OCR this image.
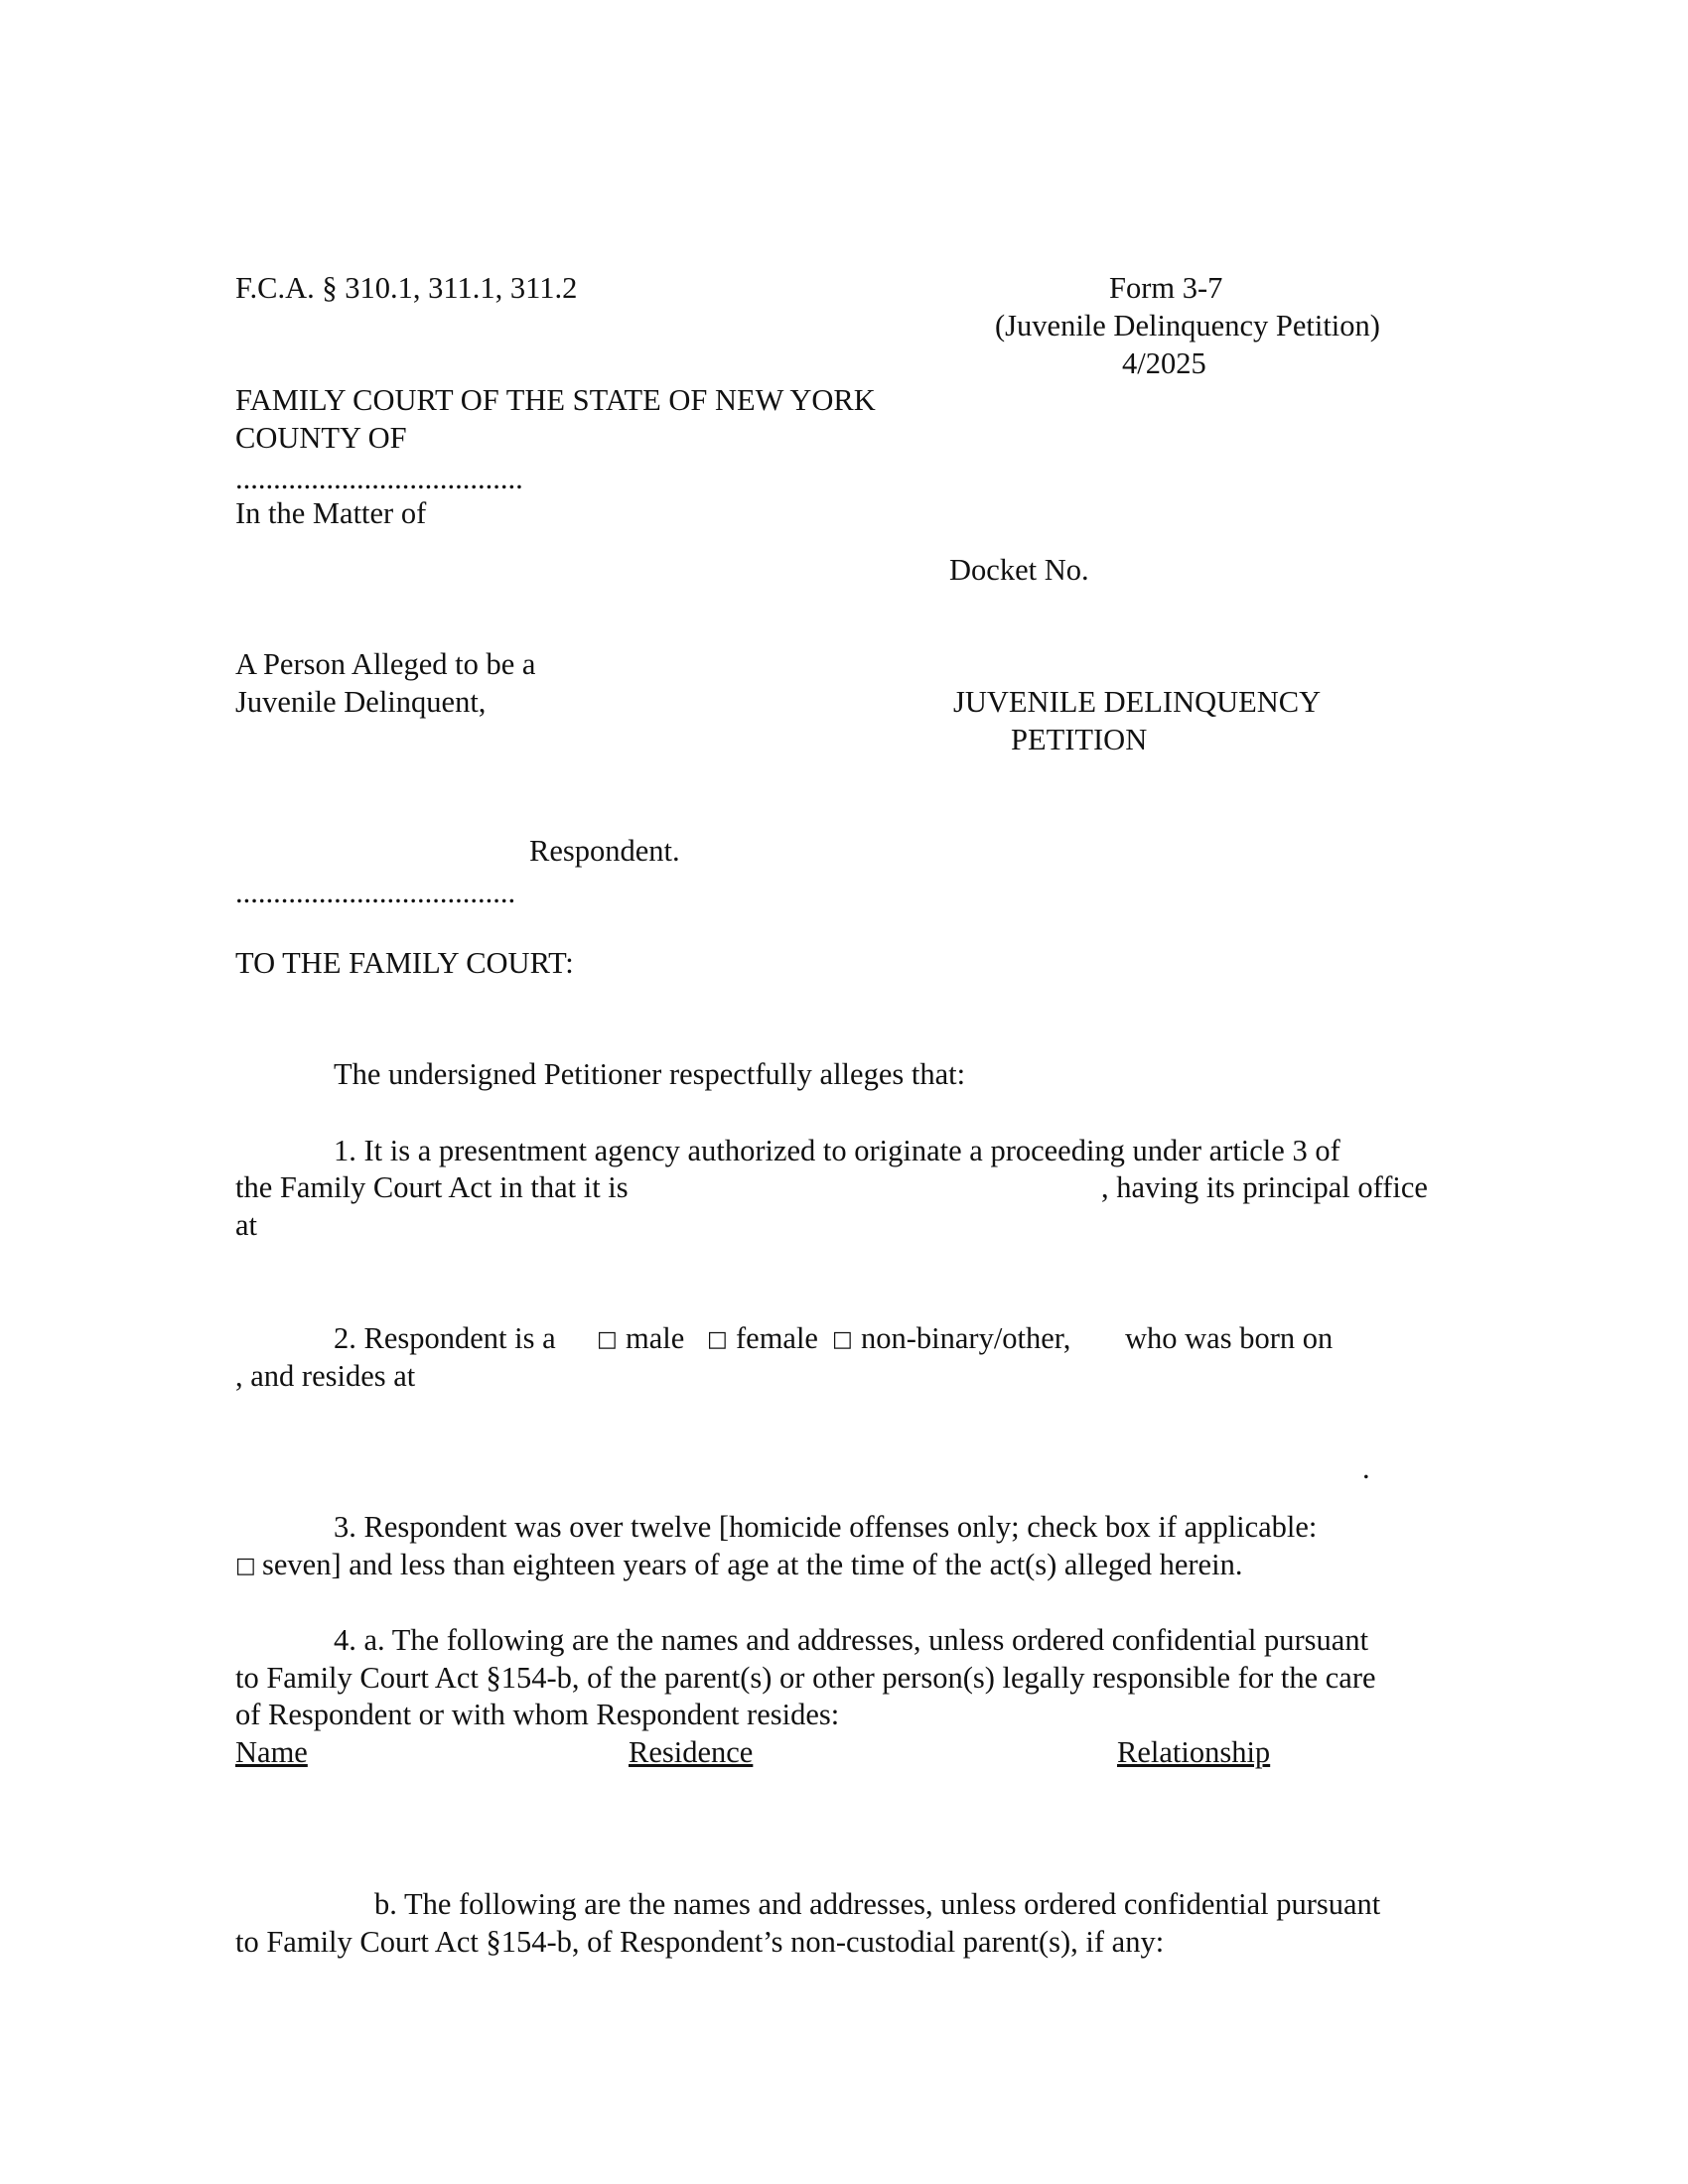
F.C.A. § 310.1, 311.1, 311.2	Form 3-7

(Juvenile Delinquency Petition)

4/2025

FAMILY COURT OF THE STATE OF NEW YORK

COUNTY OF

......................................

In the Matter of

Docket No.

A Person Alleged to be a

Juvenile Delinquent,	JUVENILE DELINQUENCY

PETITION

Respondent.

.....................................

TO THE FAMILY COURT:

The undersigned Petitioner respectfully alleges that:

1. It is a presentment agency authorized to originate a proceeding under article 3 of

the Family Court Act in that it is	, having its principal office

at

2. Respondent is a □ male □ female □ non-binary/other, who was born on

, and resides at

.

3. Respondent was over twelve [homicide offenses only; check box if applicable:

□ seven] and less than eighteen years of age at the time of the act(s) alleged herein.

4. a. The following are the names and addresses, unless ordered confidential pursuant

to Family Court Act §154-b, of the parent(s) or other person(s) legally responsible for the care

of Respondent or with whom Respondent resides:

Name	Residence	Relationship

b. The following are the names and addresses, unless ordered confidential pursuant

to Family Court Act §154-b, of Respondent’s non-custodial parent(s), if any:
